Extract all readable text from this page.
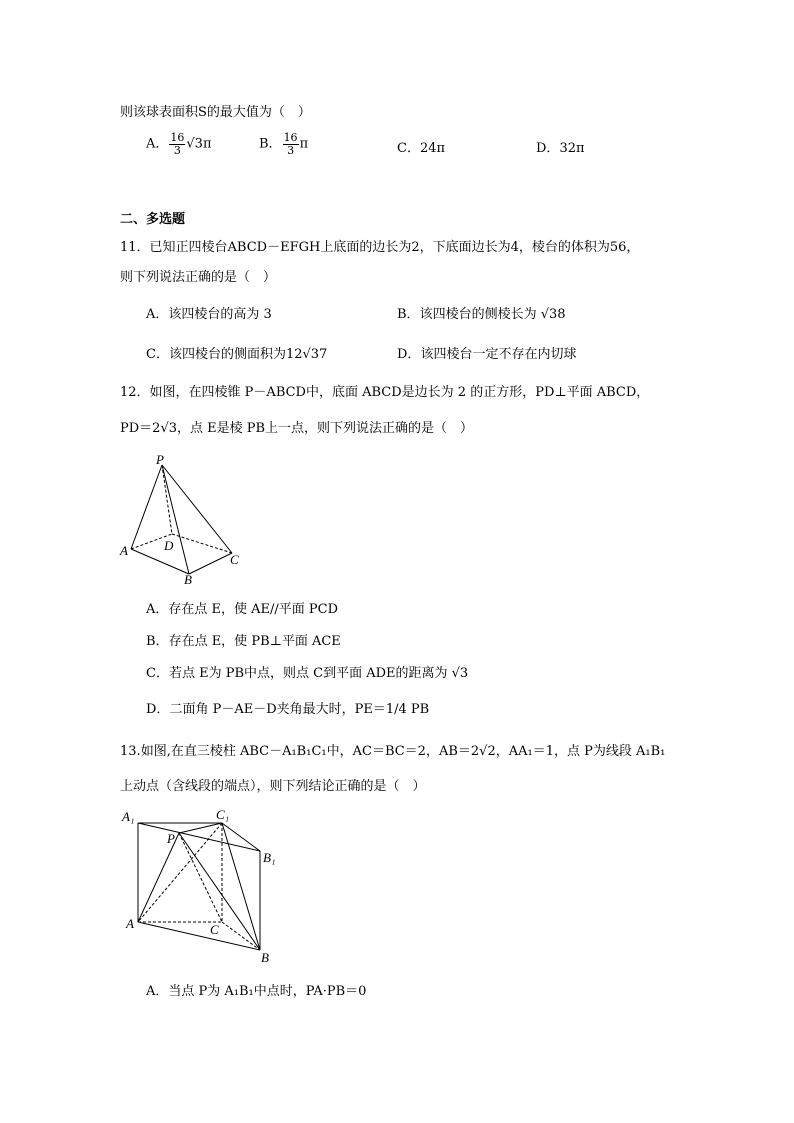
则该球表面积S的最大值为（　）
A． $\frac{16}{3} √3\pi$	B． $\frac{16}{3}$ π	C．24π	D．32π
二、多选题
11．已知正四棱台ABCD－EFGH上底面的边长为2，下底面边长为4，棱台的体积为56，
则下列说法正确的是（　）
A．该四棱台的高为 3	B．该四棱台的侧棱长为 √38
C．该四棱台的侧面积为12√37	D．该四棱台一定不存在内切球
12．如图，在四棱锥 P－ABCD中，底面 ABCD是边长为 2 的正方形，PD⊥平面 ABCD，
PD＝2√3，点 E是棱 PB上一点，则下列说法正确的是（　）
P
A	D
C
B
A．存在点 E，使 AE//平面 PCD
B．存在点 E，使 PB⊥平面 ACE
C．若点 E为 PB中点，则点 C到平面 ADE的距离为 √3
D．二面角 P－AE－D夹角最大时，PE＝1/4 PB
13.如图,在直三棱柱 ABC－A₁B₁C₁中，AC＝BC＝2，AB＝2√2，AA₁＝1，点 P为线段 A₁B₁
上动点（含线段的端点），则下列结论正确的是（　）
A₁	C₁
P
B₁
A	C
B
A．当点 P为 A₁B₁中点时，PA·PB＝0
